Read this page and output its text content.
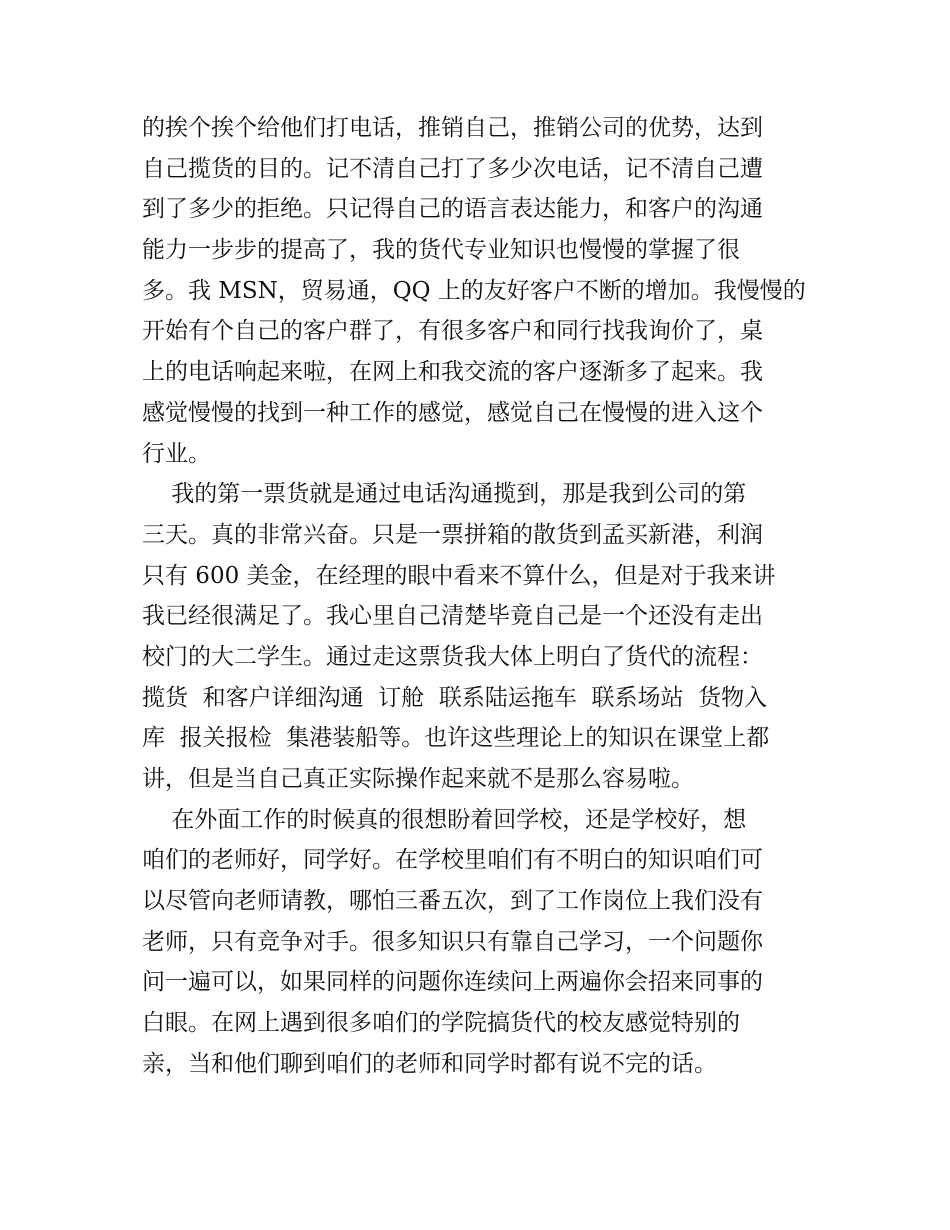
的挨个挨个给他们打电话，推销自己，推销公司的优势，达到
自己揽货的目的。记不清自己打了多少次电话，记不清自己遭
到了多少的拒绝。只记得自己的语言表达能力，和客户的沟通
能力一步步的提高了，我的货代专业知识也慢慢的掌握了很
多。我 MSN，贸易通，QQ 上的友好客户不断的增加。我慢慢的
开始有个自己的客户群了，有很多客户和同行找我询价了，桌
上的电话响起来啦，在网上和我交流的客户逐渐多了起来。我
感觉慢慢的找到一种工作的感觉，感觉自己在慢慢的进入这个
行业。
我的第一票货就是通过电话沟通揽到，那是我到公司的第
三天。真的非常兴奋。只是一票拼箱的散货到孟买新港，利润
只有 600 美金，在经理的眼中看来不算什么，但是对于我来讲
我已经很满足了。我心里自己清楚毕竟自己是一个还没有走出
校门的大二学生。通过走这票货我大体上明白了货代的流程：
揽货  和客户详细沟通  订舱  联系陆运拖车  联系场站  货物入
库  报关报检  集港装船等。也许这些理论上的知识在课堂上都
讲，但是当自己真正实际操作起来就不是那么容易啦。
在外面工作的时候真的很想盼着回学校，还是学校好，想
咱们的老师好，同学好。在学校里咱们有不明白的知识咱们可
以尽管向老师请教，哪怕三番五次，到了工作岗位上我们没有
老师，只有竞争对手。很多知识只有靠自己学习，一个问题你
问一遍可以，如果同样的问题你连续问上两遍你会招来同事的
白眼。在网上遇到很多咱们的学院搞货代的校友感觉特别的
亲，当和他们聊到咱们的老师和同学时都有说不完的话。
